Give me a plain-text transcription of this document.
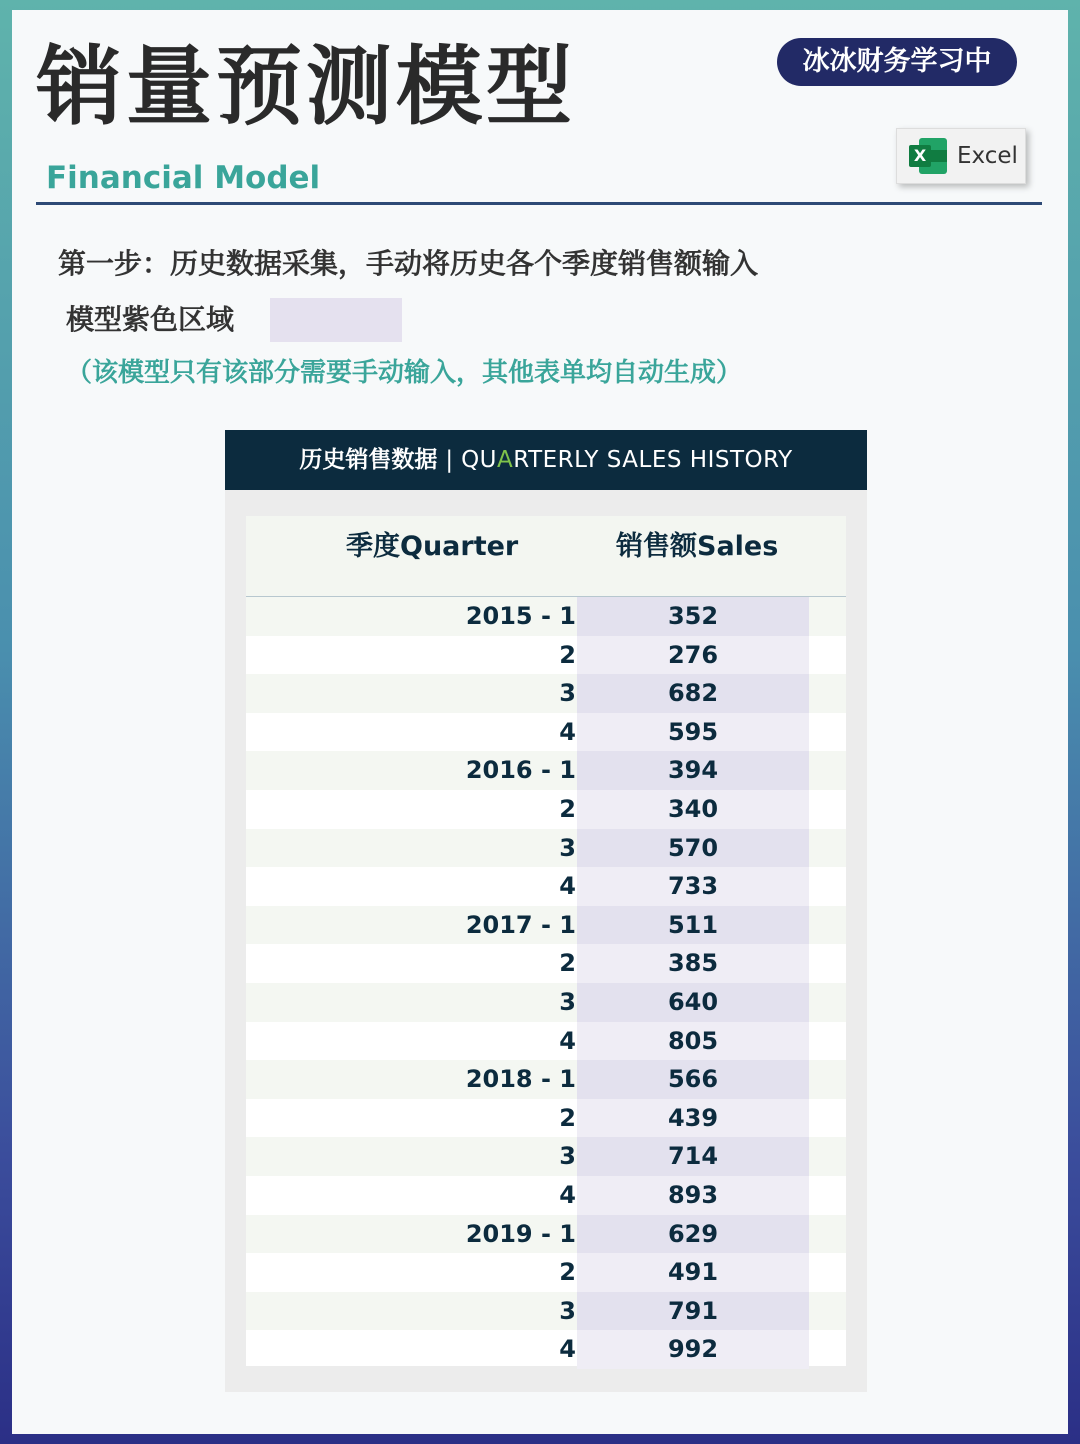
销量预测模型
Financial Model
冰冰财务学习中
X Excel
第一步：历史数据采集，手动将历史各个季度销售额输入
模型紫色区域
（该模型只有该部分需要手动输入，其他表单均自动生成）
历史销售数据 | QUARTERLY SALES HISTORY
季度Quarter	销售额Sales
2015 - 1	352
2	276
3	682
4	595
2016 - 1	394
2	340
3	570
4	733
2017 - 1	511
2	385
3	640
4	805
2018 - 1	566
2	439
3	714
4	893
2019 - 1	629
2	491
3	791
4	992
